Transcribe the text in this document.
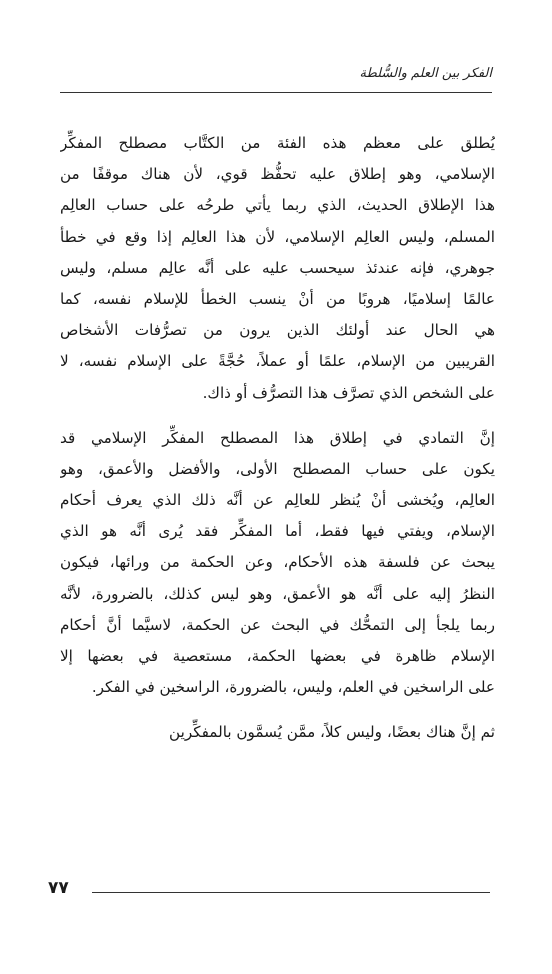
الفكر بين العلم والسُّلطة
يُطلق على معظم هذه الفئة من الكتَّاب مصطلح المفكِّر
الإسلامي، وهو إطلاق عليه تحفُّظ قوي، لأن هناك موقفًا من
هذا الإطلاق الحديث، الذي ربما يأتي طرحُه على حساب العالِم
المسلم، وليس العالِم الإسلامي، لأن هذا العالِم إذا وقع في خطأ
جوهري، فإنه عندئذ سيحسب عليه على أنَّه عالِم مسلم، وليس
عالمًا إسلاميًا، هروبًا من أنْ ينسب الخطأ للإسلام نفسه، كما
هي الحال عند أولئك الذين يرون من تصرُّفات الأشخاص
القريبين من الإسلام، علمًا أو عملاً، حُجَّةً على الإسلام نفسه، لا
على الشخص الذي تصرَّف هذا التصرُّف أو ذاك.
إنَّ التمادي في إطلاق هذا المصطلح المفكِّر الإسلامي قد
يكون على حساب المصطلح الأولى، والأفضل والأعمق، وهو
العالِم، ويُخشى أنْ يُنظر للعالِم عن أنَّه ذلك الذي يعرف أحكام
الإسلام، ويفتي فيها فقط، أما المفكِّر فقد يُرى أنَّه هو الذي
يبحث عن فلسفة هذه الأحكام، وعن الحكمة من ورائها، فيكون
النظرُ إليه على أنَّه هو الأعمق، وهو ليس كذلك، بالضرورة، لأنَّه
ربما يلجأ إلى التمحُّك في البحث عن الحكمة، لاسيَّما أنَّ أحكام
الإسلام ظاهرة في بعضها الحكمة، مستعصية في بعضها إلا
على الراسخين في العلم، وليس، بالضرورة، الراسخين في الفكر.
ثم إنَّ هناك بعضًا، وليس كلاً، ممَّن يُسمَّون بالمفكِّرين
٧٧
